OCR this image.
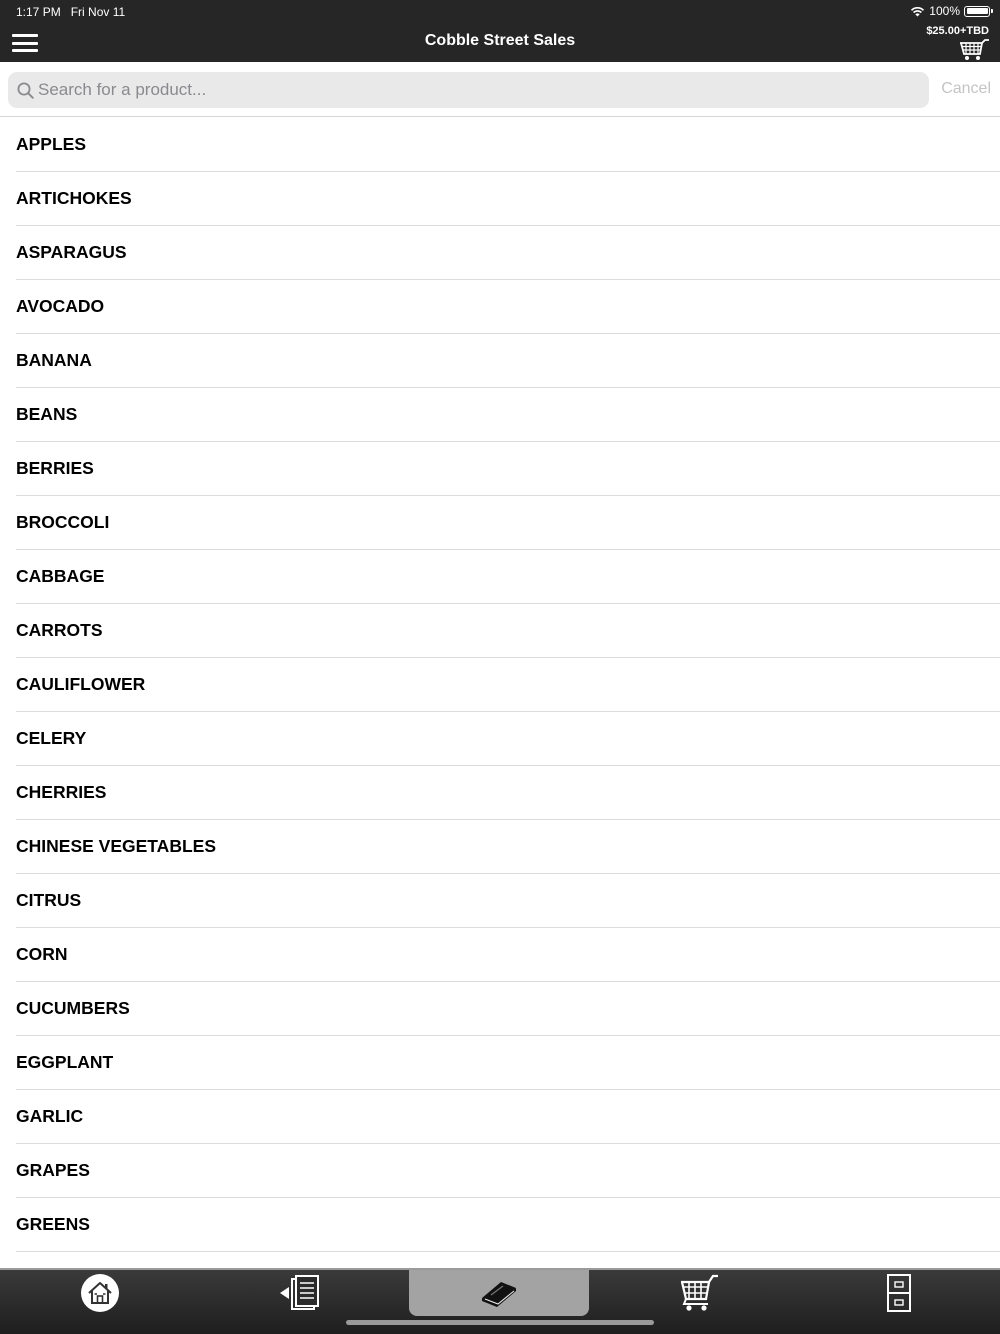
1:17 PM Fri Nov 11	100%
Cobble Street Sales
$25.00+TBD
Search for a product...
Cancel
APPLES
ARTICHOKES
ASPARAGUS
AVOCADO
BANANA
BEANS
BERRIES
BROCCOLI
CABBAGE
CARROTS
CAULIFLOWER
CELERY
CHERRIES
CHINESE VEGETABLES
CITRUS
CORN
CUCUMBERS
EGGPLANT
GARLIC
GRAPES
GREENS
